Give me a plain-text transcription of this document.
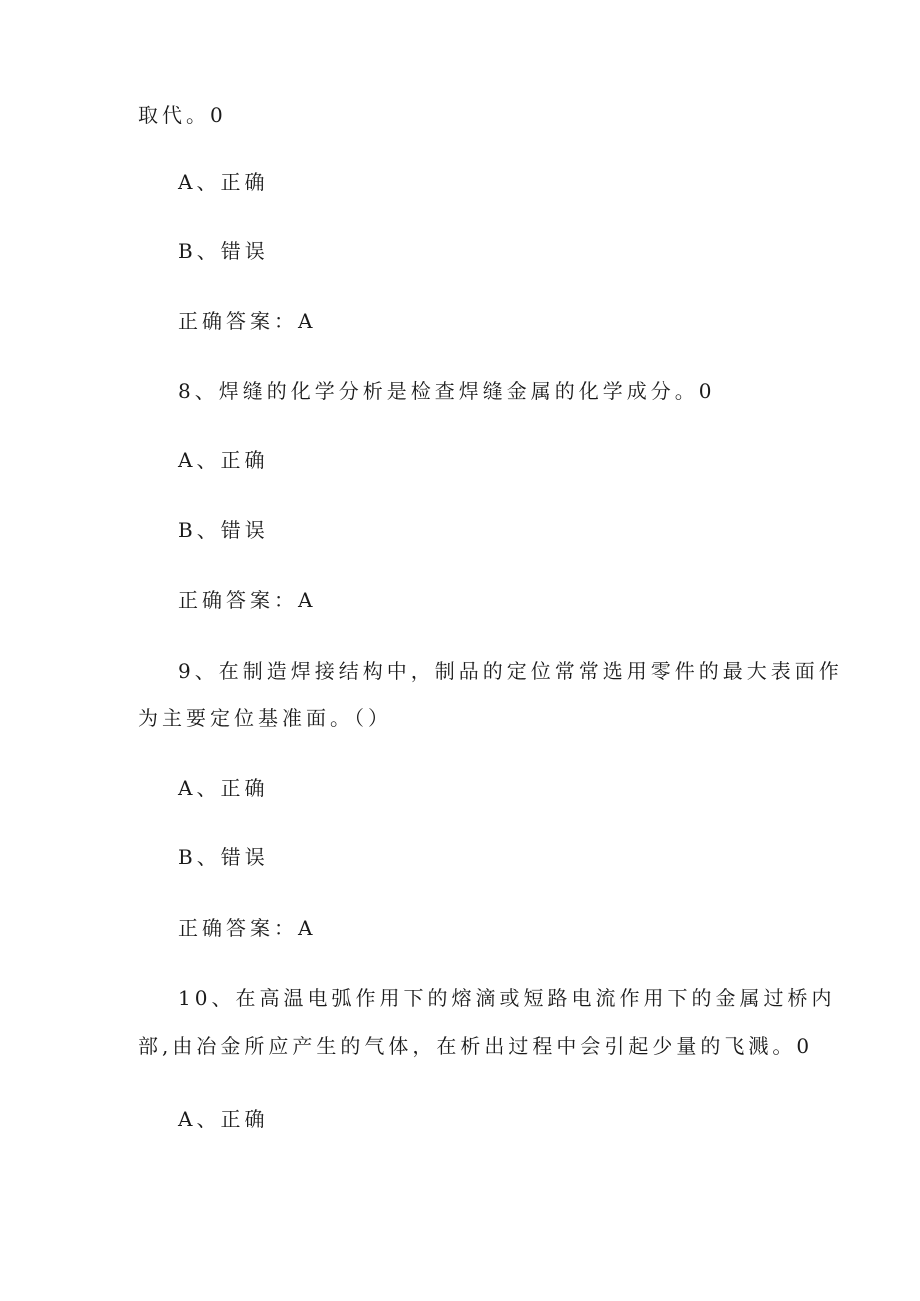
取代。0
A、正确
B、错误
正确答案：A
8、焊缝的化学分析是检查焊缝金属的化学成分。0
A、正确
B、错误
正确答案：A
9、在制造焊接结构中，制品的定位常常选用零件的最大表面作
为主要定位基准面。（）
A、正确
B、错误
正确答案：A
10、在高温电弧作用下的熔滴或短路电流作用下的金属过桥内
部,由冶金所应产生的气体，在析出过程中会引起少量的飞溅。0
A、正确
